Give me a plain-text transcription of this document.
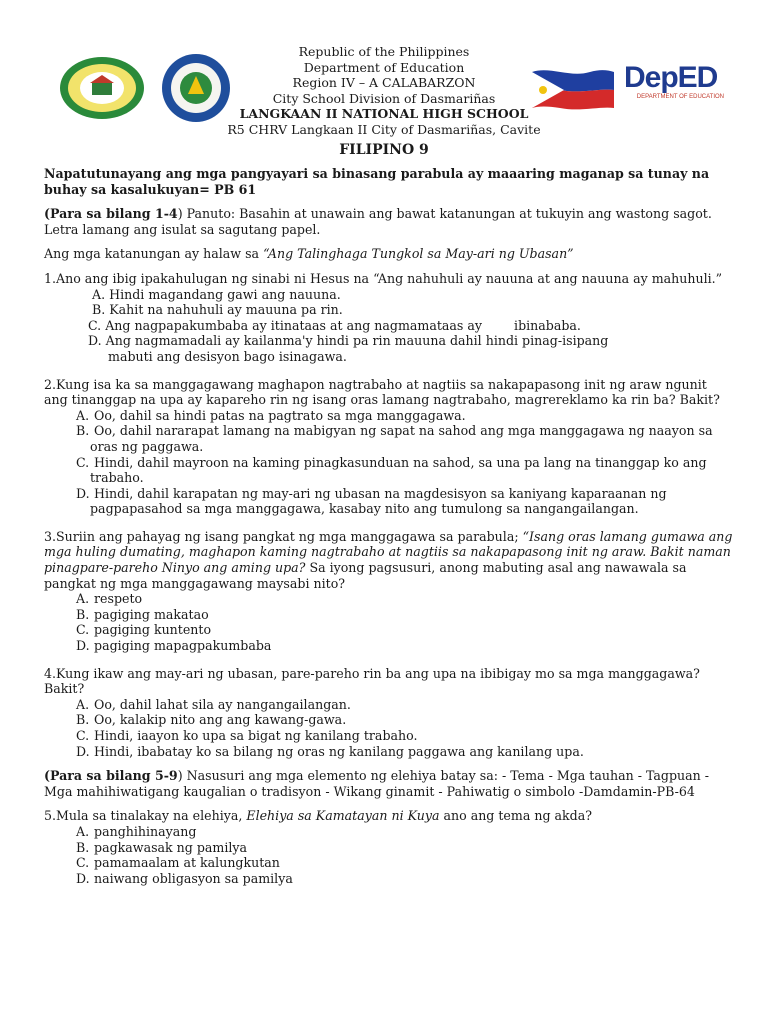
DepED
DEPARTMENT OF EDUCATION
Republic of the Philippines
Department of Education
Region IV – A CALABARZON
City School Division of Dasmariñas
LANGKAAN II NATIONAL HIGH SCHOOL
R5 CHRV Langkaan II City of Dasmariñas, Cavite
FILIPINO 9

Napatutunayang ang mga pangyayari sa binasang parabula ay maaaring maganap sa tunay na buhay sa kasalukuyan= PB 61

(Para sa bilang 1-4) Panuto: Basahin at unawain ang bawat katanungan at tukuyin ang wastong sagot. Letra lamang ang isulat sa sagutang papel.

Ang mga katanungan ay halaw sa “Ang Talinghaga Tungkol sa May-ari ng Ubasan”

1.Ano ang ibig ipakahulugan ng sinabi ni Hesus na “Ang nahuhuli ay nauuna at ang nauuna ay mahuhuli.”

A. Hindi magandang gawi ang nauuna.

B. Kahit na nahuhuli ay mauuna pa rin.

C. Ang nagpapakumbaba ay itinataas at ang nagmamataas ay        ibinababa.

D. Ang nagmamadali ay kailanma'y hindi pa rin mauuna dahil hindi pinag-isipang

mabuti ang desisyon bago isinagawa.

2.Kung isa ka sa manggagawang maghapon nagtrabaho at nagtiis sa nakapapasong init ng araw ngunit ang tinanggap na upa ay kapareho rin ng isang oras lamang nagtrabaho, magrereklamo ka rin ba? Bakit?

A. Oo, dahil sa hindi patas na pagtrato sa mga manggagawa.

B. Oo, dahil nararapat lamang na mabigyan ng sapat na sahod ang mga manggagawa ng naayon sa oras ng paggawa.

C. Hindi, dahil mayroon na kaming pinagkasunduan na sahod, sa una pa lang na tinanggap ko ang trabaho.

D. Hindi, dahil karapatan ng may-ari ng ubasan na magdesisyon sa kaniyang kaparaanan ng pagpapasahod sa mga manggagawa, kasabay nito ang tumulong sa nangangailangan.

3.Suriin ang pahayag ng isang pangkat ng mga manggagawa sa parabula; “Isang oras lamang gumawa ang mga huling dumating, maghapon kaming nagtrabaho at nagtiis sa nakapapasong init ng araw. Bakit naman pinagpare-pareho Ninyo ang aming upa? Sa iyong pagsusuri, anong mabuting asal ang nawawala sa pangkat ng mga manggagawang maysabi nito?

A. respeto

B. pagiging makatao

C. pagiging kuntento

D. pagiging mapagpakumbaba

4.Kung ikaw ang may-ari ng ubasan, pare-pareho rin ba ang upa na ibibigay mo sa mga manggagawa? Bakit?

A. Oo, dahil lahat sila ay nangangailangan.

B. Oo, kalakip nito ang ang kawang-gawa.

C. Hindi, iaayon ko upa sa bigat ng kanilang trabaho.

D. Hindi, ibabatay ko sa bilang ng oras ng kanilang paggawa ang kanilang upa.

(Para sa bilang 5-9) Nasusuri ang mga elemento ng elehiya batay sa: - Tema - Mga tauhan - Tagpuan - Mga mahihiwatigang kaugalian o tradisyon - Wikang ginamit - Pahiwatig o simbolo -Damdamin-PB-64

5.Mula sa tinalakay na elehiya, Elehiya sa Kamatayan ni Kuya ano ang tema ng akda?

A. panghihinayang

B. pagkawasak ng pamilya

C. pamamaalam at kalungkutan

D. naiwang obligasyon sa pamilya
